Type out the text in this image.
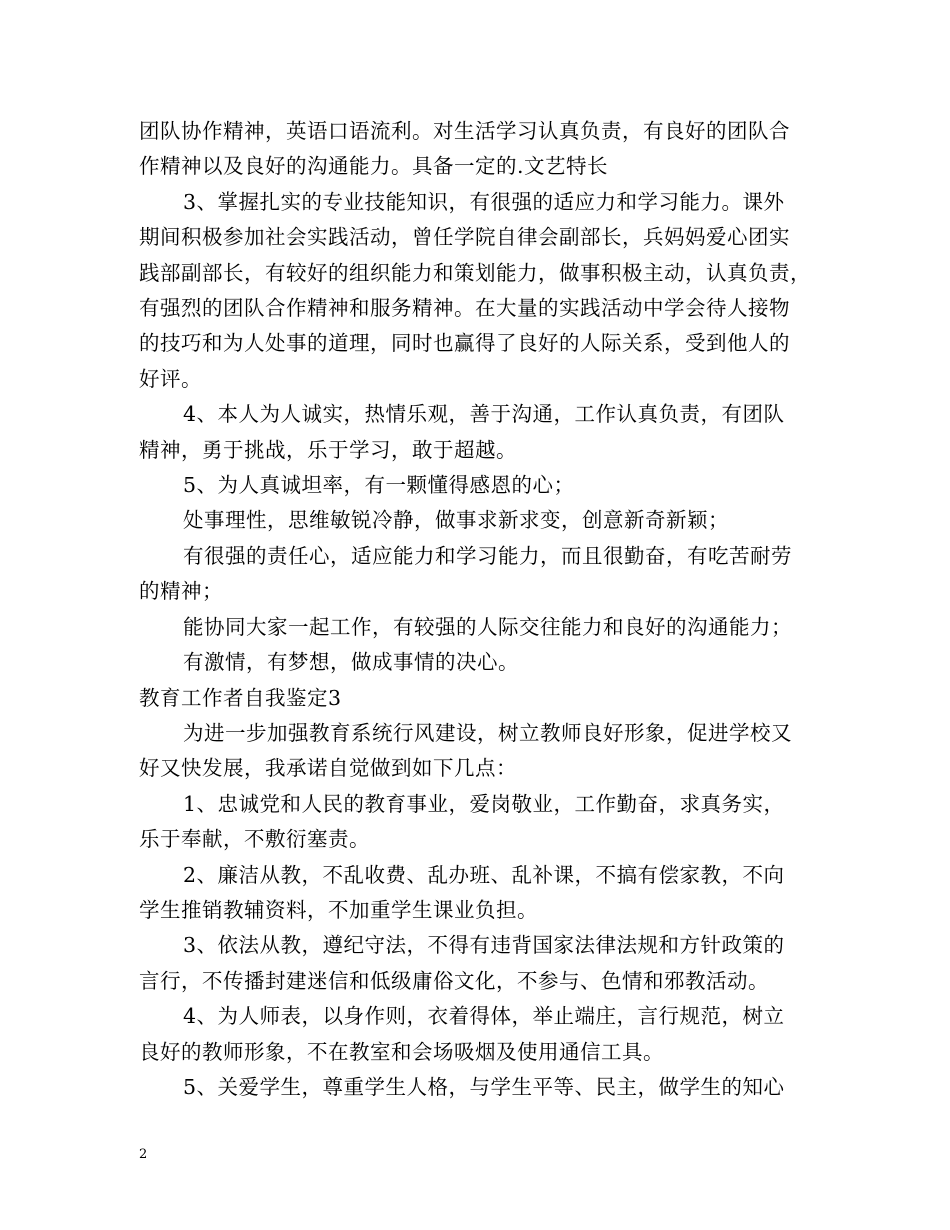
团队协作精神，英语口语流利。对生活学习认真负责，有良好的团队合

作精神以及良好的沟通能力。具备一定的.文艺特长

3、掌握扎实的专业技能知识，有很强的适应力和学习能力。课外

期间积极参加社会实践活动，曾任学院自律会副部长，兵妈妈爱心团实

践部副部长，有较好的组织能力和策划能力，做事积极主动，认真负责，

有强烈的团队合作精神和服务精神。在大量的实践活动中学会待人接物

的技巧和为人处事的道理，同时也赢得了良好的人际关系，受到他人的

好评。

4、本人为人诚实，热情乐观，善于沟通，工作认真负责，有团队

精神，勇于挑战，乐于学习，敢于超越。

5、为人真诚坦率，有一颗懂得感恩的心；

处事理性，思维敏锐冷静，做事求新求变，创意新奇新颖；

有很强的责任心，适应能力和学习能力，而且很勤奋，有吃苦耐劳

的精神；

能协同大家一起工作，有较强的人际交往能力和良好的沟通能力；

有激情，有梦想，做成事情的决心。

教育工作者自我鉴定3

为进一步加强教育系统行风建设，树立教师良好形象，促进学校又

好又快发展，我承诺自觉做到如下几点：

1、忠诚党和人民的教育事业，爱岗敬业，工作勤奋，求真务实，

乐于奉献，不敷衍塞责。

2、廉洁从教，不乱收费、乱办班、乱补课，不搞有偿家教，不向

学生推销教辅资料，不加重学生课业负担。

3、依法从教，遵纪守法，不得有违背国家法律法规和方针政策的

言行，不传播封建迷信和低级庸俗文化，不参与、色情和邪教活动。

4、为人师表，以身作则，衣着得体，举止端庄，言行规范，树立

良好的教师形象，不在教室和会场吸烟及使用通信工具。

5、关爱学生，尊重学生人格，与学生平等、民主，做学生的知心

2
